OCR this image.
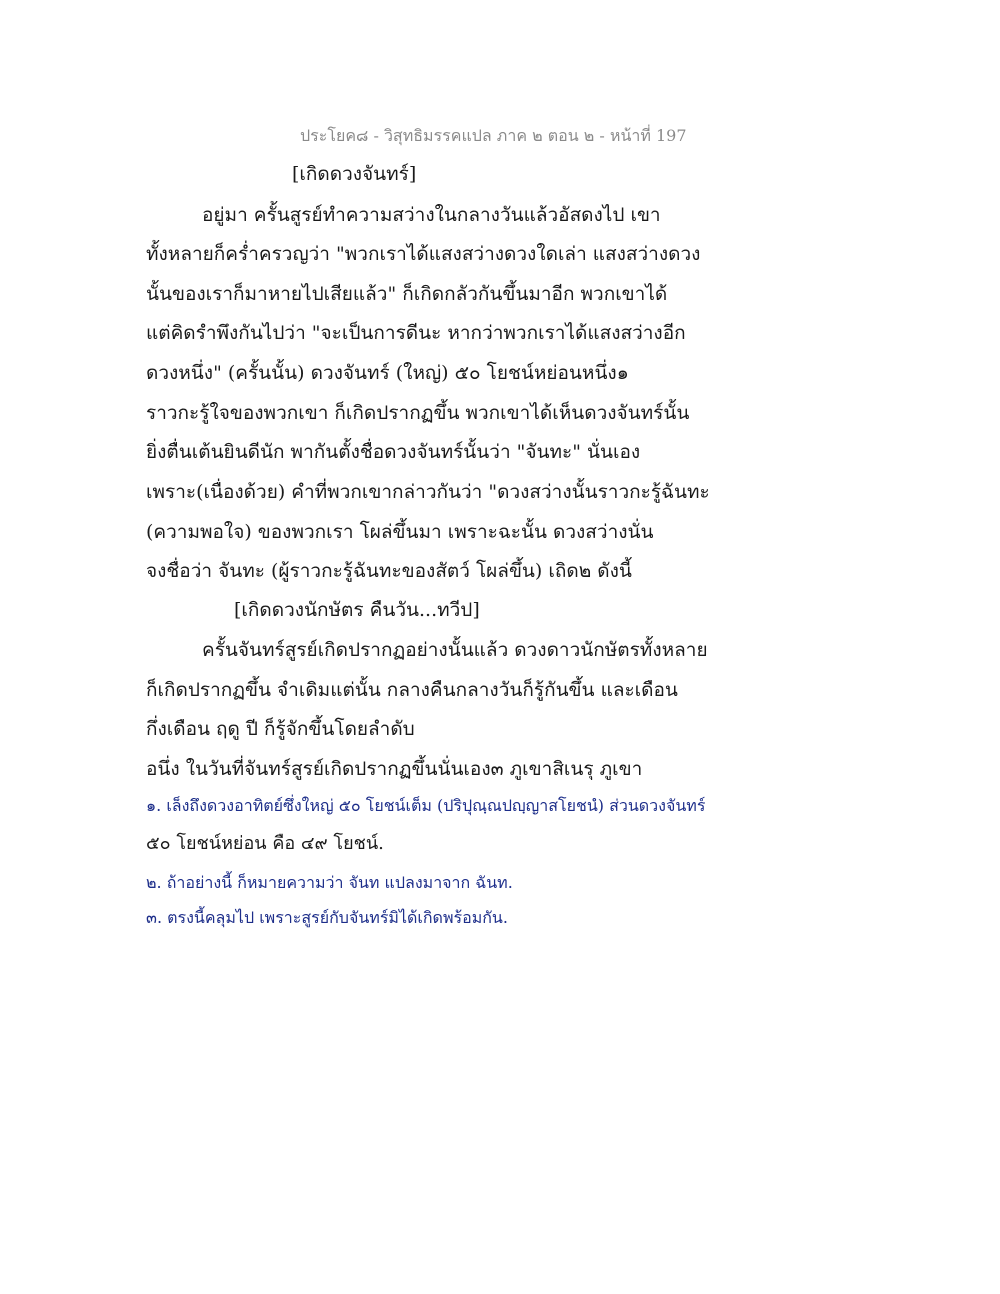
ประโยค๘ - วิสุทธิมรรคแปล ภาค ๒ ตอน ๒ - หน้าที่ 197
[เกิดดวงจันทร์]
อยู่มา ครั้นสูรย์ทำความสว่างในกลางวันแล้วอัสดงไป เขา
ทั้งหลายก็คร่ำครวญว่า "พวกเราได้แสงสว่างดวงใดเล่า แสงสว่างดวง
นั้นของเราก็มาหายไปเสียแล้ว" ก็เกิดกลัวกันขึ้นมาอีก พวกเขาได้
แต่คิดรำพึงกันไปว่า "จะเป็นการดีนะ หากว่าพวกเราได้แสงสว่างอีก
ดวงหนึ่ง" (ครั้นนั้น) ดวงจันทร์ (ใหญ่) ๕๐ โยชน์หย่อนหนึ่ง๑
ราวกะรู้ใจของพวกเขา ก็เกิดปรากฏขึ้น พวกเขาได้เห็นดวงจันทร์นั้น
ยิ่งตื่นเต้นยินดีนัก พากันตั้งชื่อดวงจันทร์นั้นว่า "จันทะ" นั่นเอง
เพราะ(เนื่องด้วย) คำที่พวกเขากล่าวกันว่า "ดวงสว่างนั้นราวกะรู้ฉันทะ
(ความพอใจ) ของพวกเรา โผล่ขึ้นมา เพราะฉะนั้น ดวงสว่างนั่น
จงชื่อว่า จันทะ (ผู้ราวกะรู้ฉันทะของสัตว์ โผล่ขึ้น) เถิด๒ ดังนี้
[เกิดดวงนักษัตร คืนวัน...ทวีป]
ครั้นจันทร์สูรย์เกิดปรากฏอย่างนั้นแล้ว ดวงดาวนักษัตรทั้งหลาย
ก็เกิดปรากฏขึ้น จำเดิมแต่นั้น กลางคืนกลางวันก็รู้กันขึ้น และเดือน
กึ่งเดือน ฤดู ปี ก็รู้จักขึ้นโดยลำดับ
อนึ่ง ในวันที่จันทร์สูรย์เกิดปรากฏขึ้นนั่นเอง๓ ภูเขาสิเนรุ ภูเขา
๑. เล็งถึงดวงอาทิตย์ซึ่งใหญ่ ๕๐ โยชน์เต็ม (ปริปุณฺณปญฺญาสโยชนํ) ส่วนดวงจันทร์
๕๐ โยชน์หย่อน คือ ๔๙ โยชน์.
๒. ถ้าอย่างนี้ ก็หมายความว่า จันท แปลงมาจาก ฉันท.
๓. ตรงนี้คลุมไป เพราะสูรย์กับจันทร์มิได้เกิดพร้อมกัน.
